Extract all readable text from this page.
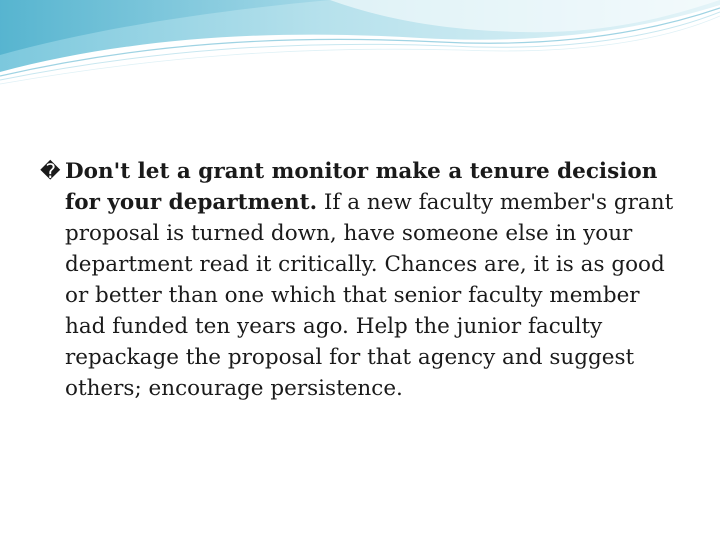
� Don't let a grant monitor make a tenure decision for your department. If a new faculty member's grant proposal is turned down, have someone else in your department read it critically. Chances are, it is as good or better than one which that senior faculty member had funded ten years ago. Help the junior faculty repackage the proposal for that agency and suggest others; encourage persistence.
